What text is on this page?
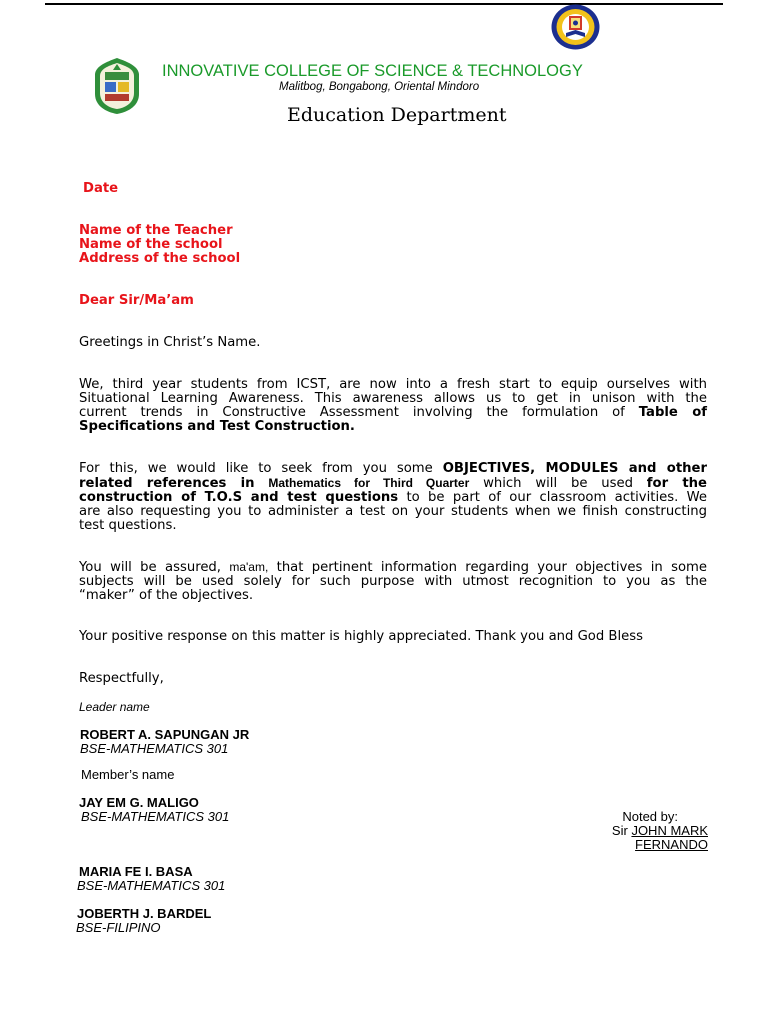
INNOVATIVE COLLEGE OF SCIENCE & TECHNOLOGY
Malitbog, Bongabong, Oriental Mindoro
Education Department
Date
Name of the Teacher
Name of the school
Address of the school
Dear Sir/Ma’am
Greetings in Christ’s Name.
We, third year students from ICST, are now into a fresh start to equip ourselves with
Situational Learning Awareness. This awareness allows us to get in unison with the
current trends in Constructive Assessment involving the formulation of Table of
Specifications and Test Construction.
For this, we would like to seek from you some OBJECTIVES, MODULES and other
related references in Mathematics for Third Quarter which will be used for the
construction of T.O.S and test questions to be part of our classroom activities. We
are also requesting you to administer a test on your students when we finish constructing
test questions.
You will be assured, ma'am, that pertinent information regarding your objectives in some
subjects will be used solely for such purpose with utmost recognition to you as the
“maker” of the objectives.
Your positive response on this matter is highly appreciated. Thank you and God Bless
Respectfully,
Leader name
ROBERT A. SAPUNGAN JR
BSE-MATHEMATICS 301
Member’s name
JAY EM G. MALIGO
BSE-MATHEMATICS 301
MARIA FE I. BASA
BSE-MATHEMATICS 301
JOBERTH J. BARDEL
BSE-FILIPINO
Noted by:
Sir JOHN MARK
FERNANDO
